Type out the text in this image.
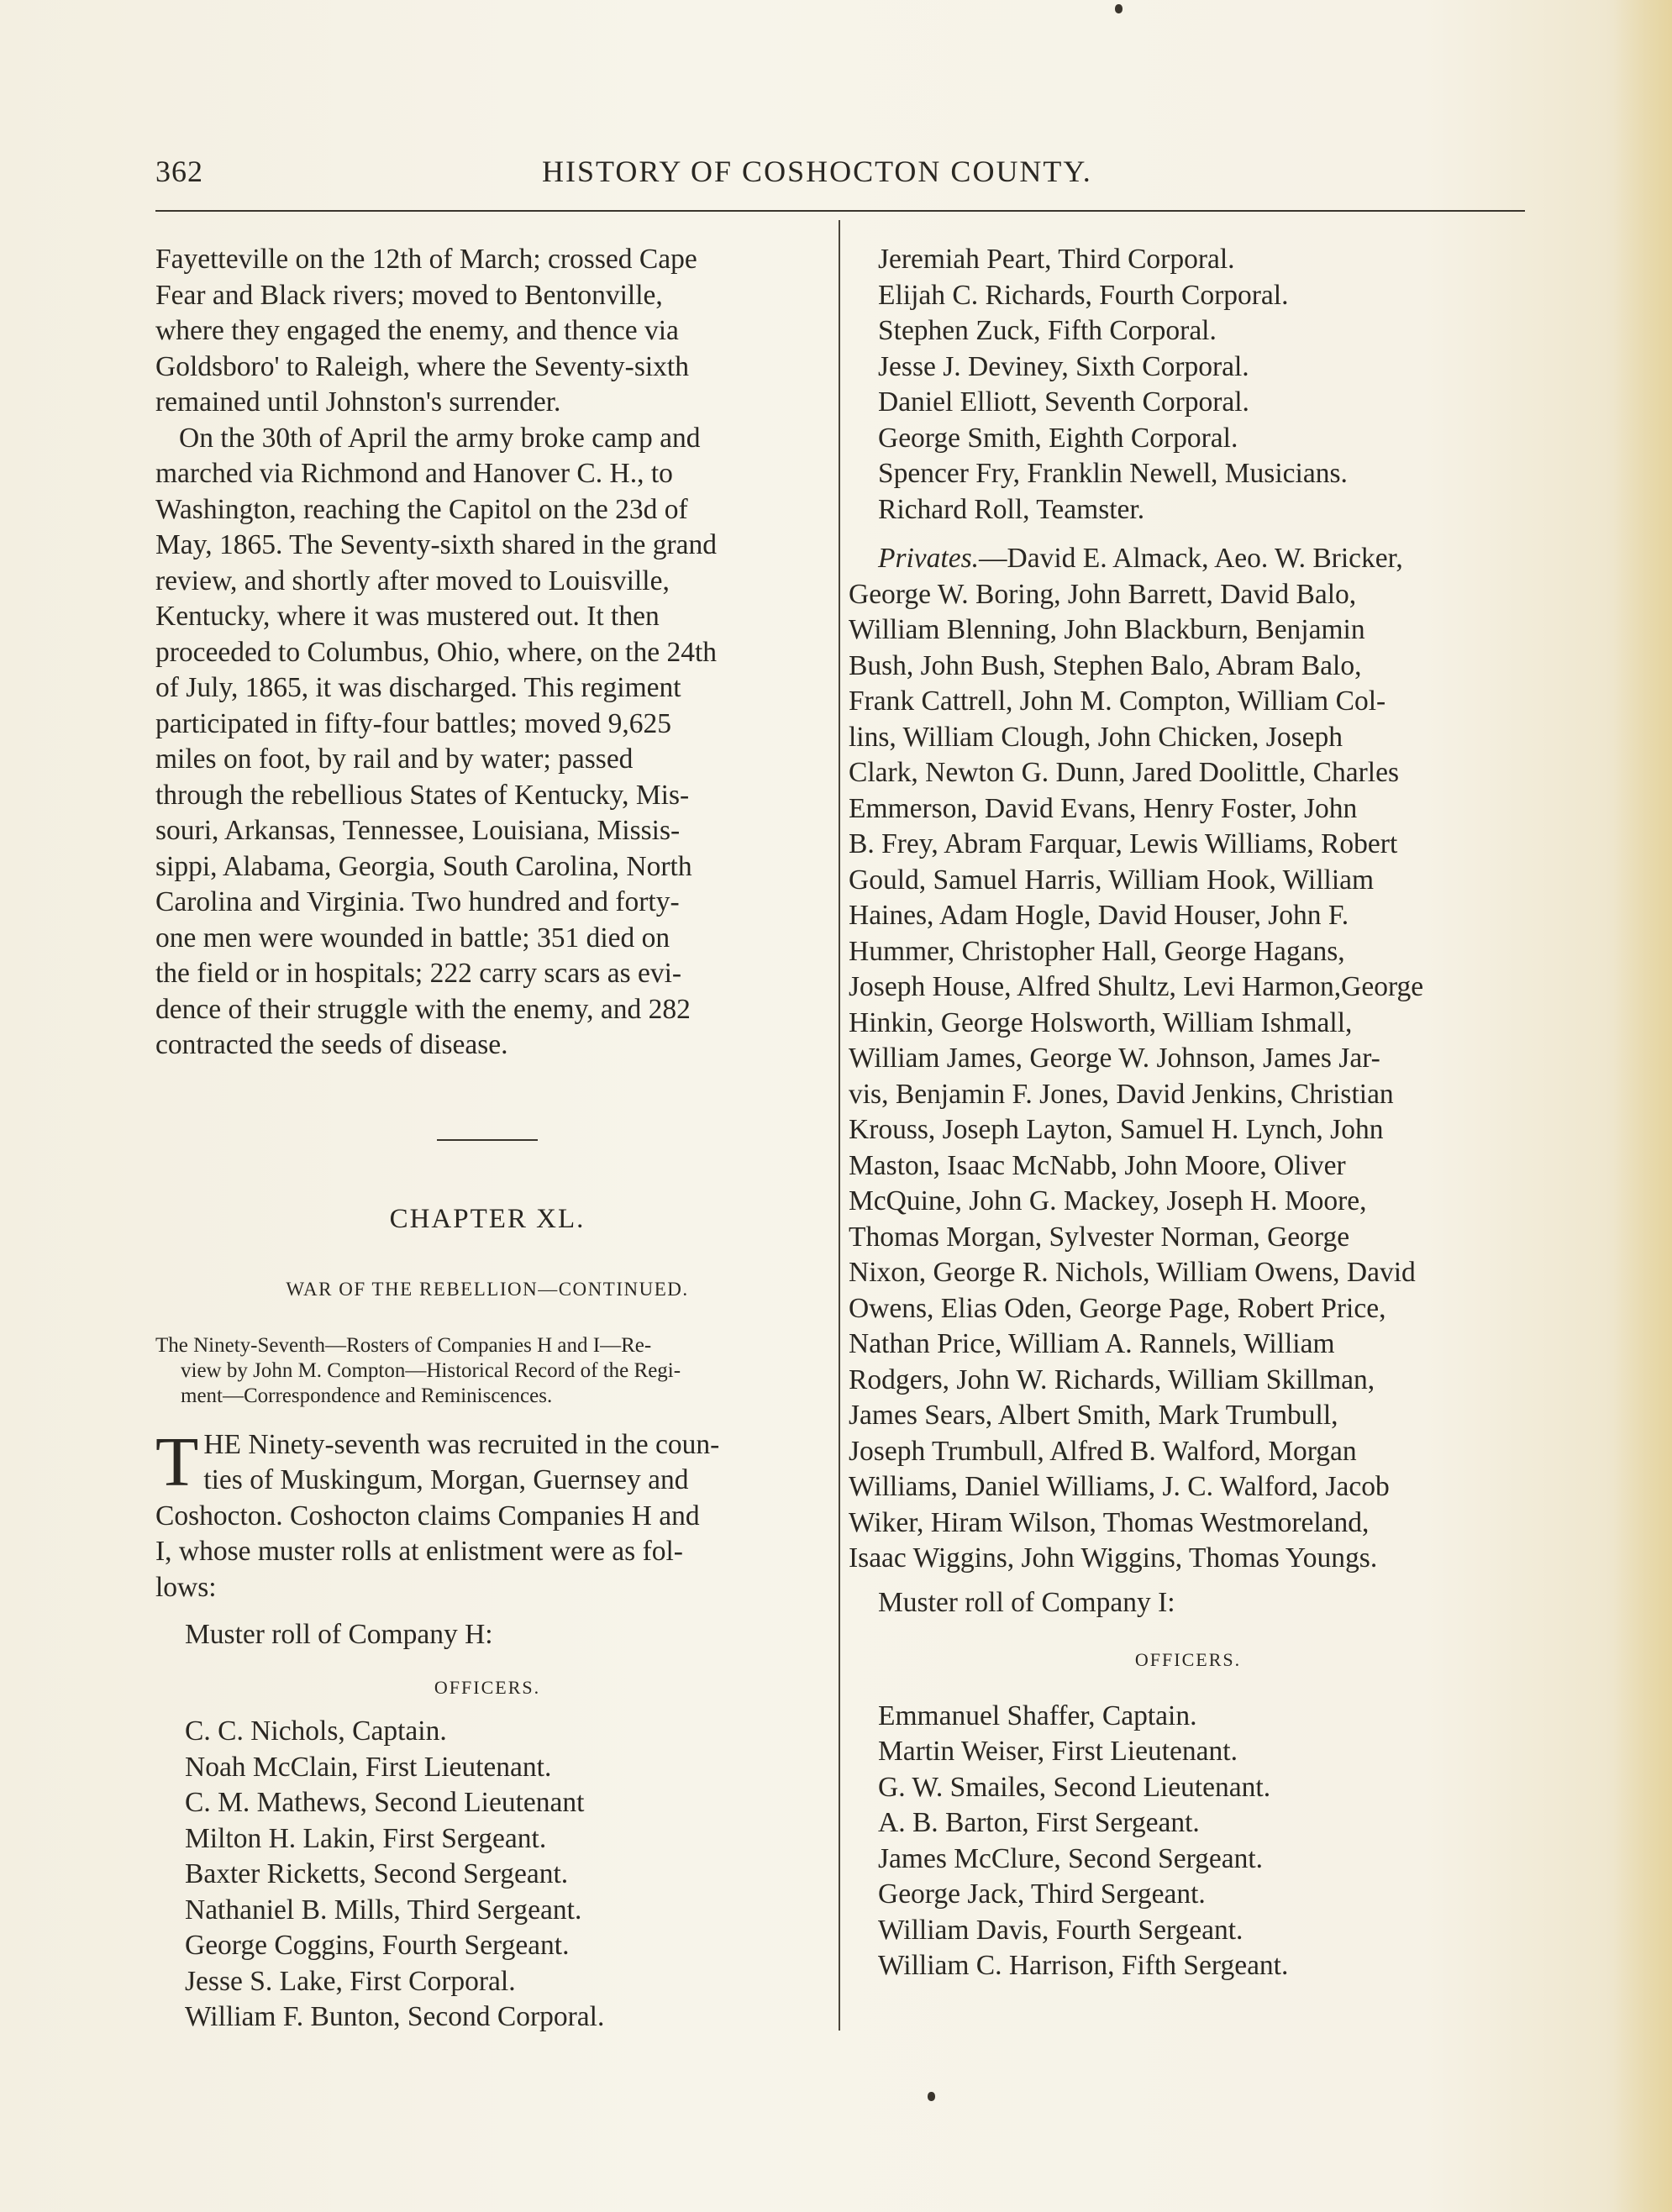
362	HISTORY OF COSHOCTON COUNTY.

Fayetteville on the 12th of March; crossed Cape
Fear and Black rivers; moved to Bentonville,
where they engaged the enemy, and thence via
Goldsboro' to Raleigh, where the Seventy-sixth
remained until Johnston's surrender.

On the 30th of April the army broke camp and
marched via Richmond and Hanover C. H., to
Washington, reaching the Capitol on the 23d of
May, 1865. The Seventy-sixth shared in the grand
review, and shortly after moved to Louisville,
Kentucky, where it was mustered out. It then
proceeded to Columbus, Ohio, where, on the 24th
of July, 1865, it was discharged. This regiment
participated in fifty-four battles; moved 9,625
miles on foot, by rail and by water; passed
through the rebellious States of Kentucky, Mis-
souri, Arkansas, Tennessee, Louisiana, Missis-
sippi, Alabama, Georgia, South Carolina, North
Carolina and Virginia. Two hundred and forty-
one men were wounded in battle; 351 died on
the field or in hospitals; 222 carry scars as evi-
dence of their struggle with the enemy, and 282
contracted the seeds of disease.

CHAPTER XL.
WAR OF THE REBELLION—CONTINUED.

The Ninety-Seventh—Rosters of Companies H and I—Re-
view by John M. Compton—Historical Record of the Regi-
ment—Correspondence and Reminiscences.

T HE Ninety-seventh was recruited in the coun-
ties of Muskingum, Morgan, Guernsey and
Coshocton. Coshocton claims Companies H and
I, whose muster rolls at enlistment were as fol-
lows:

Muster roll of Company H:

OFFICERS.
C. C. Nichols, Captain.
Noah McClain, First Lieutenant.
C. M. Mathews, Second Lieutenant
Milton H. Lakin, First Sergeant.
Baxter Ricketts, Second Sergeant.
Nathaniel B. Mills, Third Sergeant.
George Coggins, Fourth Sergeant.
Jesse S. Lake, First Corporal.
William F. Bunton, Second Corporal.
Jeremiah Peart, Third Corporal.
Elijah C. Richards, Fourth Corporal.
Stephen Zuck, Fifth Corporal.
Jesse J. Deviney, Sixth Corporal.
Daniel Elliott, Seventh Corporal.
George Smith, Eighth Corporal.
Spencer Fry, Franklin Newell, Musicians.
Richard Roll, Teamster.

Privates.—David E. Almack, Aeo. W. Bricker,
George W. Boring, John Barrett, David Balo,
William Blenning, John Blackburn, Benjamin
Bush, John Bush, Stephen Balo, Abram Balo,
Frank Cattrell, John M. Compton, William Col-
lins, William Clough, John Chicken, Joseph
Clark, Newton G. Dunn, Jared Doolittle, Charles
Emmerson, David Evans, Henry Foster, John
B. Frey, Abram Farquar, Lewis Williams, Robert
Gould, Samuel Harris, William Hook, William
Haines, Adam Hogle, David Houser, John F.
Hummer, Christopher Hall, George Hagans,
Joseph House, Alfred Shultz, Levi Harmon,George
Hinkin, George Holsworth, William Ishmall,
William James, George W. Johnson, James Jar-
vis, Benjamin F. Jones, David Jenkins, Christian
Krouss, Joseph Layton, Samuel H. Lynch, John
Maston, Isaac McNabb, John Moore, Oliver
McQuine, John G. Mackey, Joseph H. Moore,
Thomas Morgan, Sylvester Norman, George
Nixon, George R. Nichols, William Owens, David
Owens, Elias Oden, George Page, Robert Price,
Nathan Price, William A. Rannels, William
Rodgers, John W. Richards, William Skillman,
James Sears, Albert Smith, Mark Trumbull,
Joseph Trumbull, Alfred B. Walford, Morgan
Williams, Daniel Williams, J. C. Walford, Jacob
Wiker, Hiram Wilson, Thomas Westmoreland,
Isaac Wiggins, John Wiggins, Thomas Youngs.

Muster roll of Company I:

OFFICERS.
Emmanuel Shaffer, Captain.
Martin Weiser, First Lieutenant.
G. W. Smailes, Second Lieutenant.
A. B. Barton, First Sergeant.
James McClure, Second Sergeant.
George Jack, Third Sergeant.
William Davis, Fourth Sergeant.
William C. Harrison, Fifth Sergeant.
